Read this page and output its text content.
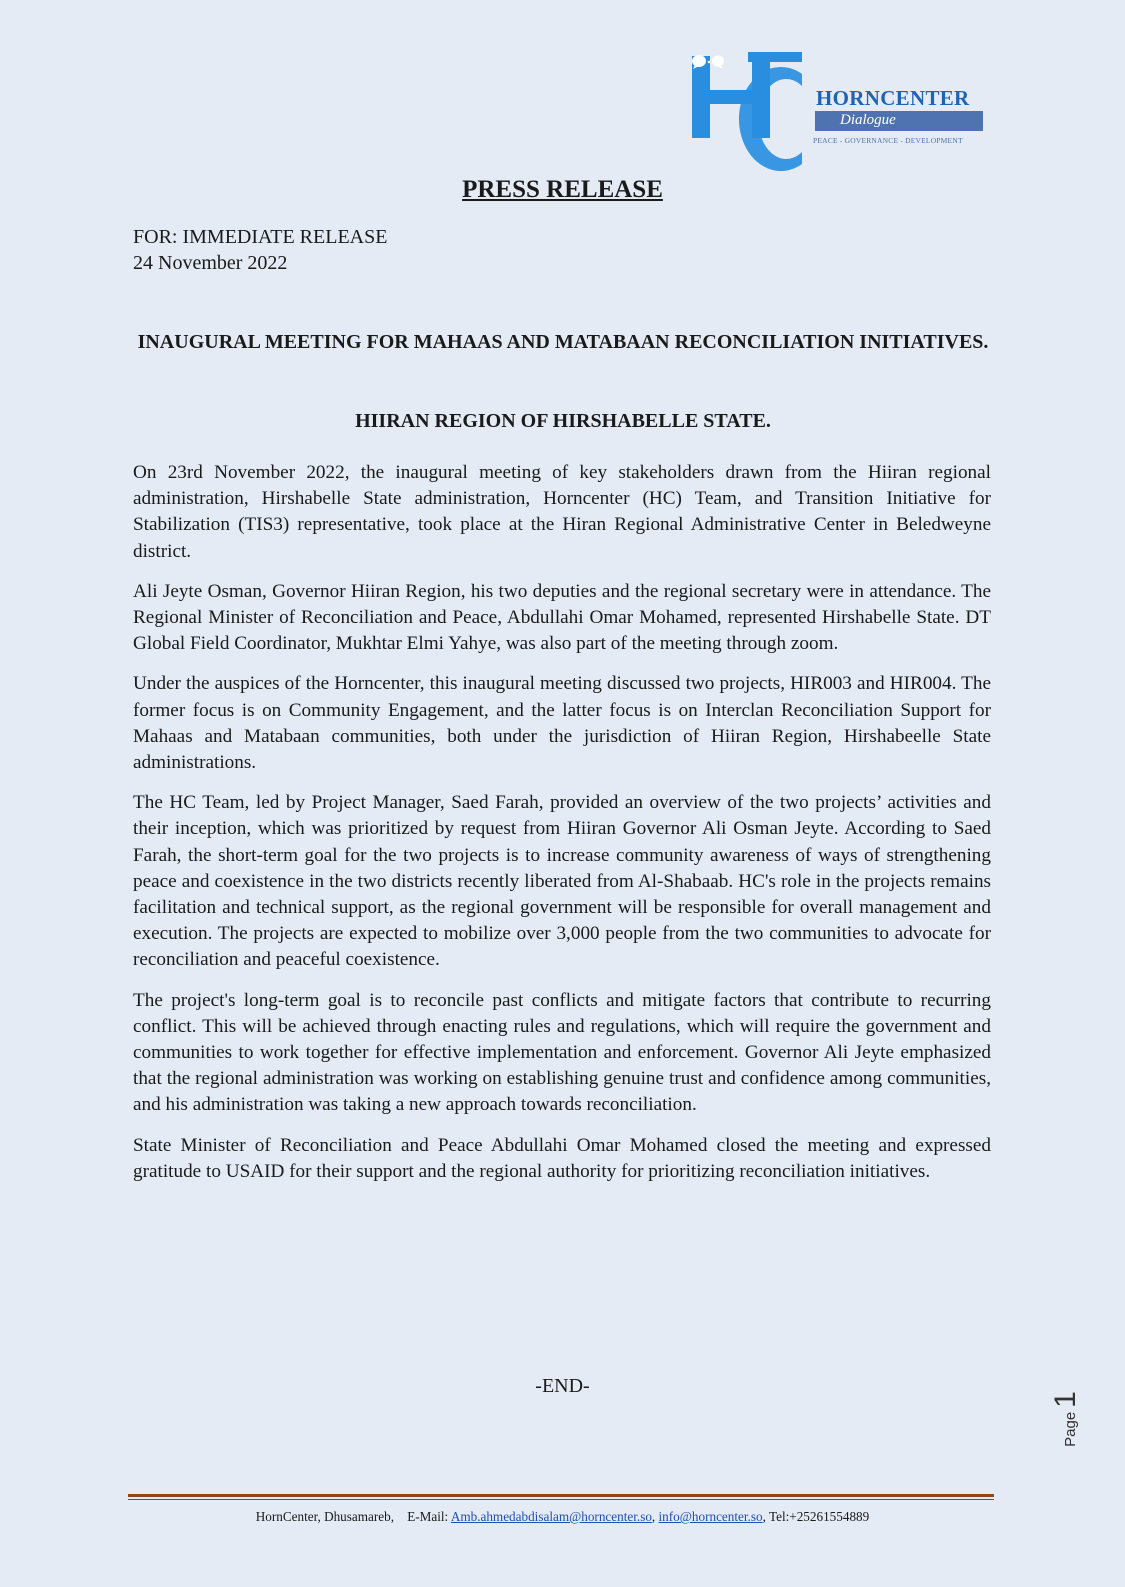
HORNCENTER
Dialogue
PEACE - GOVERNANCE - DEVELOPMENT
PRESS RELEASE
FOR: IMMEDIATE RELEASE
24 November 2022
INAUGURAL MEETING FOR MAHAAS AND MATABAAN RECONCILIATION INITIATIVES.
HIIRAN REGION OF HIRSHABELLE STATE.

On 23rd November 2022, the inaugural meeting of key stakeholders drawn from the Hiiran regional administration, Hirshabelle State administration, Horncenter (HC) Team, and Transition Initiative for Stabilization (TIS3) representative, took place at the Hiran Regional Administrative Center in Beledweyne district.

Ali Jeyte Osman, Governor Hiiran Region, his two deputies and the regional secretary were in attendance. The Regional Minister of Reconciliation and Peace, Abdullahi Omar Mohamed, represented Hirshabelle State. DT Global Field Coordinator, Mukhtar Elmi Yahye, was also part of the meeting through zoom.

Under the auspices of the Horncenter, this inaugural meeting discussed two projects, HIR003 and HIR004. The former focus is on Community Engagement, and the latter focus is on Interclan Reconciliation Support for Mahaas and Matabaan communities, both under the jurisdiction of Hiiran Region, Hirshabeelle State administrations.

The HC Team, led by Project Manager, Saed Farah, provided an overview of the two projects’ activities and their inception, which was prioritized by request from Hiiran Governor Ali Osman Jeyte. According to Saed Farah, the short-term goal for the two projects is to increase community awareness of ways of strengthening peace and coexistence in the two districts recently liberated from Al-Shabaab. HC's role in the projects remains facilitation and technical support, as the regional government will be responsible for overall management and execution. The projects are expected to mobilize over 3,000 people from the two communities to advocate for reconciliation and peaceful coexistence.

The project's long-term goal is to reconcile past conflicts and mitigate factors that contribute to recurring conflict. This will be achieved through enacting rules and regulations, which will require the government and communities to work together for effective implementation and enforcement. Governor Ali Jeyte emphasized that the regional administration was working on establishing genuine trust and confidence among communities, and his administration was taking a new approach towards reconciliation.

State Minister of Reconciliation and Peace Abdullahi Omar Mohamed closed the meeting and expressed gratitude to USAID for their support and the regional authority for prioritizing reconciliation initiatives.

-END-
Page 1
HornCenter, Dhusamareb, E-Mail: Amb.ahmedabdisalam@horncenter.so, info@horncenter.so, Tel:+25261554889
